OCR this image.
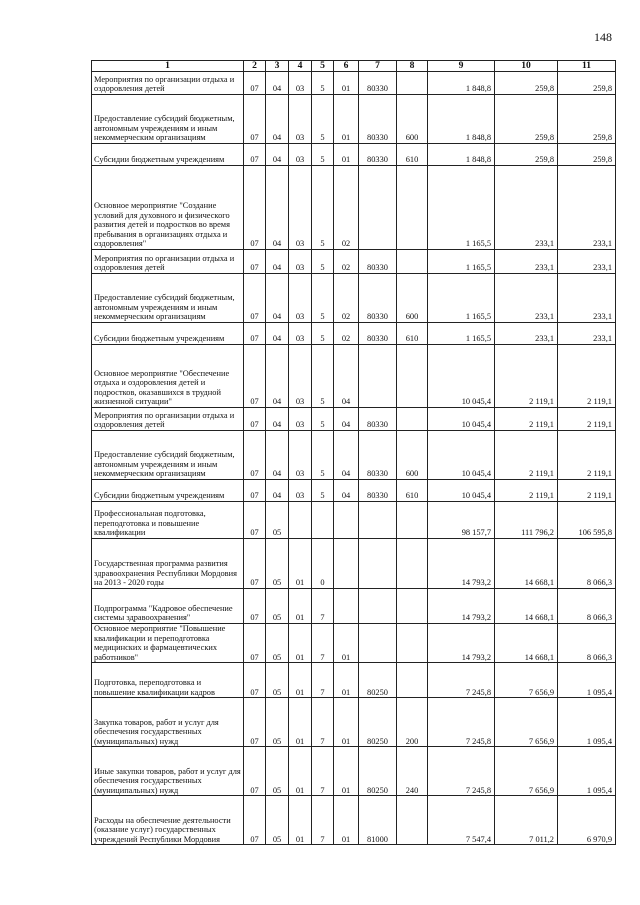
148
1	2	3	4	5	6	7	8	9	10	11
Мероприятия по организации отдыха и оздоровления детей	07	04	03	5	01	80330		1 848,8	259,8	259,8
Предоставление субсидий бюджетным, автономным учреждениям и иным некоммерческим организациям	07	04	03	5	01	80330	600	1 848,8	259,8	259,8
Субсидии бюджетным учреждениям	07	04	03	5	01	80330	610	1 848,8	259,8	259,8
Основное мероприятие "Создание условий для духовного и физического развития детей и подростков во время пребывания в организациях отдыха и оздоровления"	07	04	03	5	02			1 165,5	233,1	233,1
Мероприятия по организации отдыха и оздоровления детей	07	04	03	5	02	80330		1 165,5	233,1	233,1
Предоставление субсидий бюджетным, автономным учреждениям и иным некоммерческим организациям	07	04	03	5	02	80330	600	1 165,5	233,1	233,1
Субсидии бюджетным учреждениям	07	04	03	5	02	80330	610	1 165,5	233,1	233,1
Основное мероприятие "Обеспечение отдыха и оздоровления детей и подростков, оказавшихся в трудной жизненной ситуации"	07	04	03	5	04			10 045,4	2 119,1	2 119,1
Мероприятия по организации отдыха и оздоровления детей	07	04	03	5	04	80330		10 045,4	2 119,1	2 119,1
Предоставление субсидий бюджетным, автономным учреждениям и иным некоммерческим организациям	07	04	03	5	04	80330	600	10 045,4	2 119,1	2 119,1
Субсидии бюджетным учреждениям	07	04	03	5	04	80330	610	10 045,4	2 119,1	2 119,1
Профессиональная подготовка, переподготовка и повышение квалификации	07	05						98 157,7	111 796,2	106 595,8
Государственная программа развития здравоохранения Республики Мордовия на 2013 - 2020 годы	07	05	01	0				14 793,2	14 668,1	8 066,3
Подпрограмма "Кадровое обеспечение системы здравоохранения"	07	05	01	7				14 793,2	14 668,1	8 066,3
Основное мероприятие "Повышение квалификации и переподготовка медицинских и фармацевтических работников"	07	05	01	7	01			14 793,2	14 668,1	8 066,3
Подготовка, переподготовка и повышение квалификации кадров	07	05	01	7	01	80250		7 245,8	7 656,9	1 095,4
Закупка товаров, работ и услуг для обеспечения государственных (муниципальных) нужд	07	05	01	7	01	80250	200	7 245,8	7 656,9	1 095,4
Иные закупки товаров, работ и услуг для обеспечения государственных (муниципальных) нужд	07	05	01	7	01	80250	240	7 245,8	7 656,9	1 095,4
Расходы на обеспечение деятельности (оказание услуг) государственных учреждений Республики Мордовия	07	05	01	7	01	81000		7 547,4	7 011,2	6 970,9
